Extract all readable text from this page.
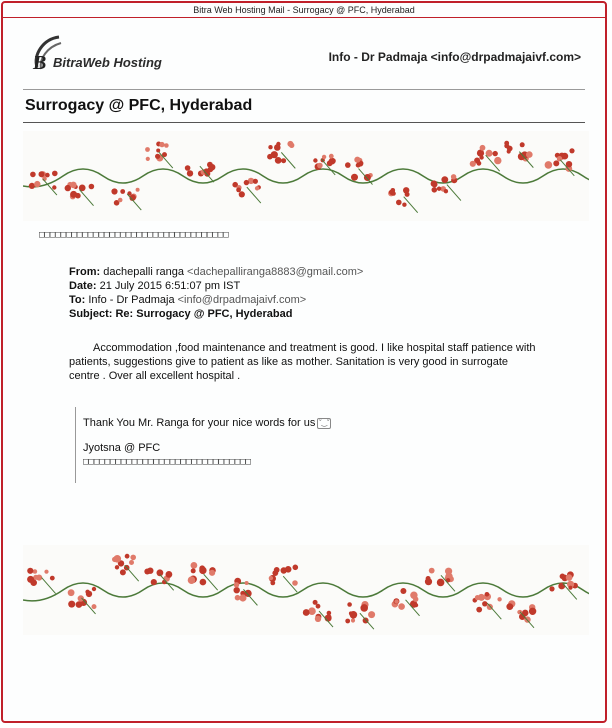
Bitra Web Hosting Mail - Surrogacy @ PFC, Hyderabad
B BitraWeb Hosting	Info - Dr Padmaja <info@drpadmajaivf.com>
Surrogacy @ PFC, Hyderabad
□□□□□□□□□□□□□□□□□□□□□□□□□□□□□□□□□□□
From: dachepalli ranga <dachepalliranga8883@gmail.com>
Date: 21 July 2015 6:51:07 pm IST
To: Info - Dr Padmaja <info@drpadmajaivf.com>
Subject: Re: Surrogacy @ PFC, Hyderabad
Accommodation ,food maintenance and treatment is good. I like hospital staff patience with patients, suggestions give to patient as like as mother. Sanitation is very good in surrogate centre . Over all excellent hospital .
Thank You Mr. Ranga for your nice words for us ˘‿˘
Jyotsna @ PFC
□□□□□□□□□□□□□□□□□□□□□□□□□□□□□□□
